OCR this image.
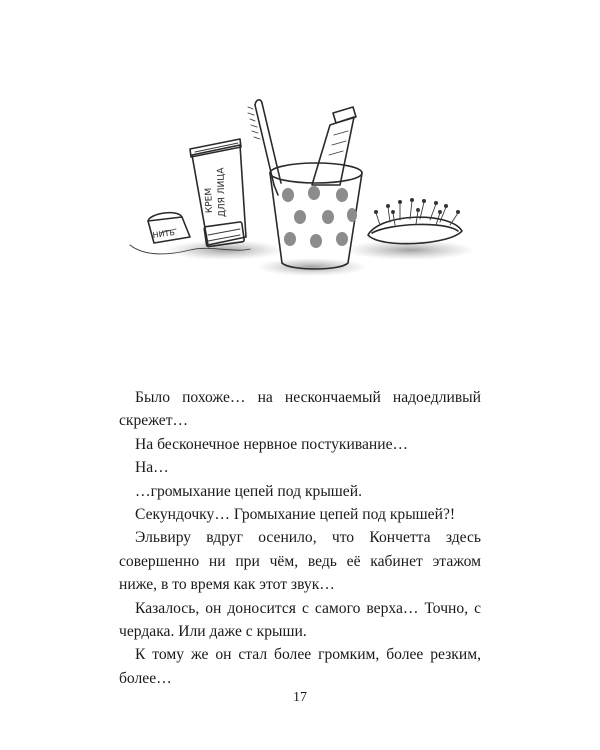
НИТЬ
КРЕМ ДЛЯ ЛИЦА

Было похоже… на нескончаемый надоедливый скрежет…

На бесконечное нервное постукивание…

На…

…громыхание цепей под крышей.

Секундочку… Громыхание цепей под крышей?!

Эльвиру вдруг осенило, что Кончетта здесь совершенно ни при чём, ведь её кабинет этажом ниже, в то время как этот звук…

Казалось, он доносится с самого верха… Точно, с чердака. Или даже с крыши.

К тому же он стал более громким, более резким, более…

17
